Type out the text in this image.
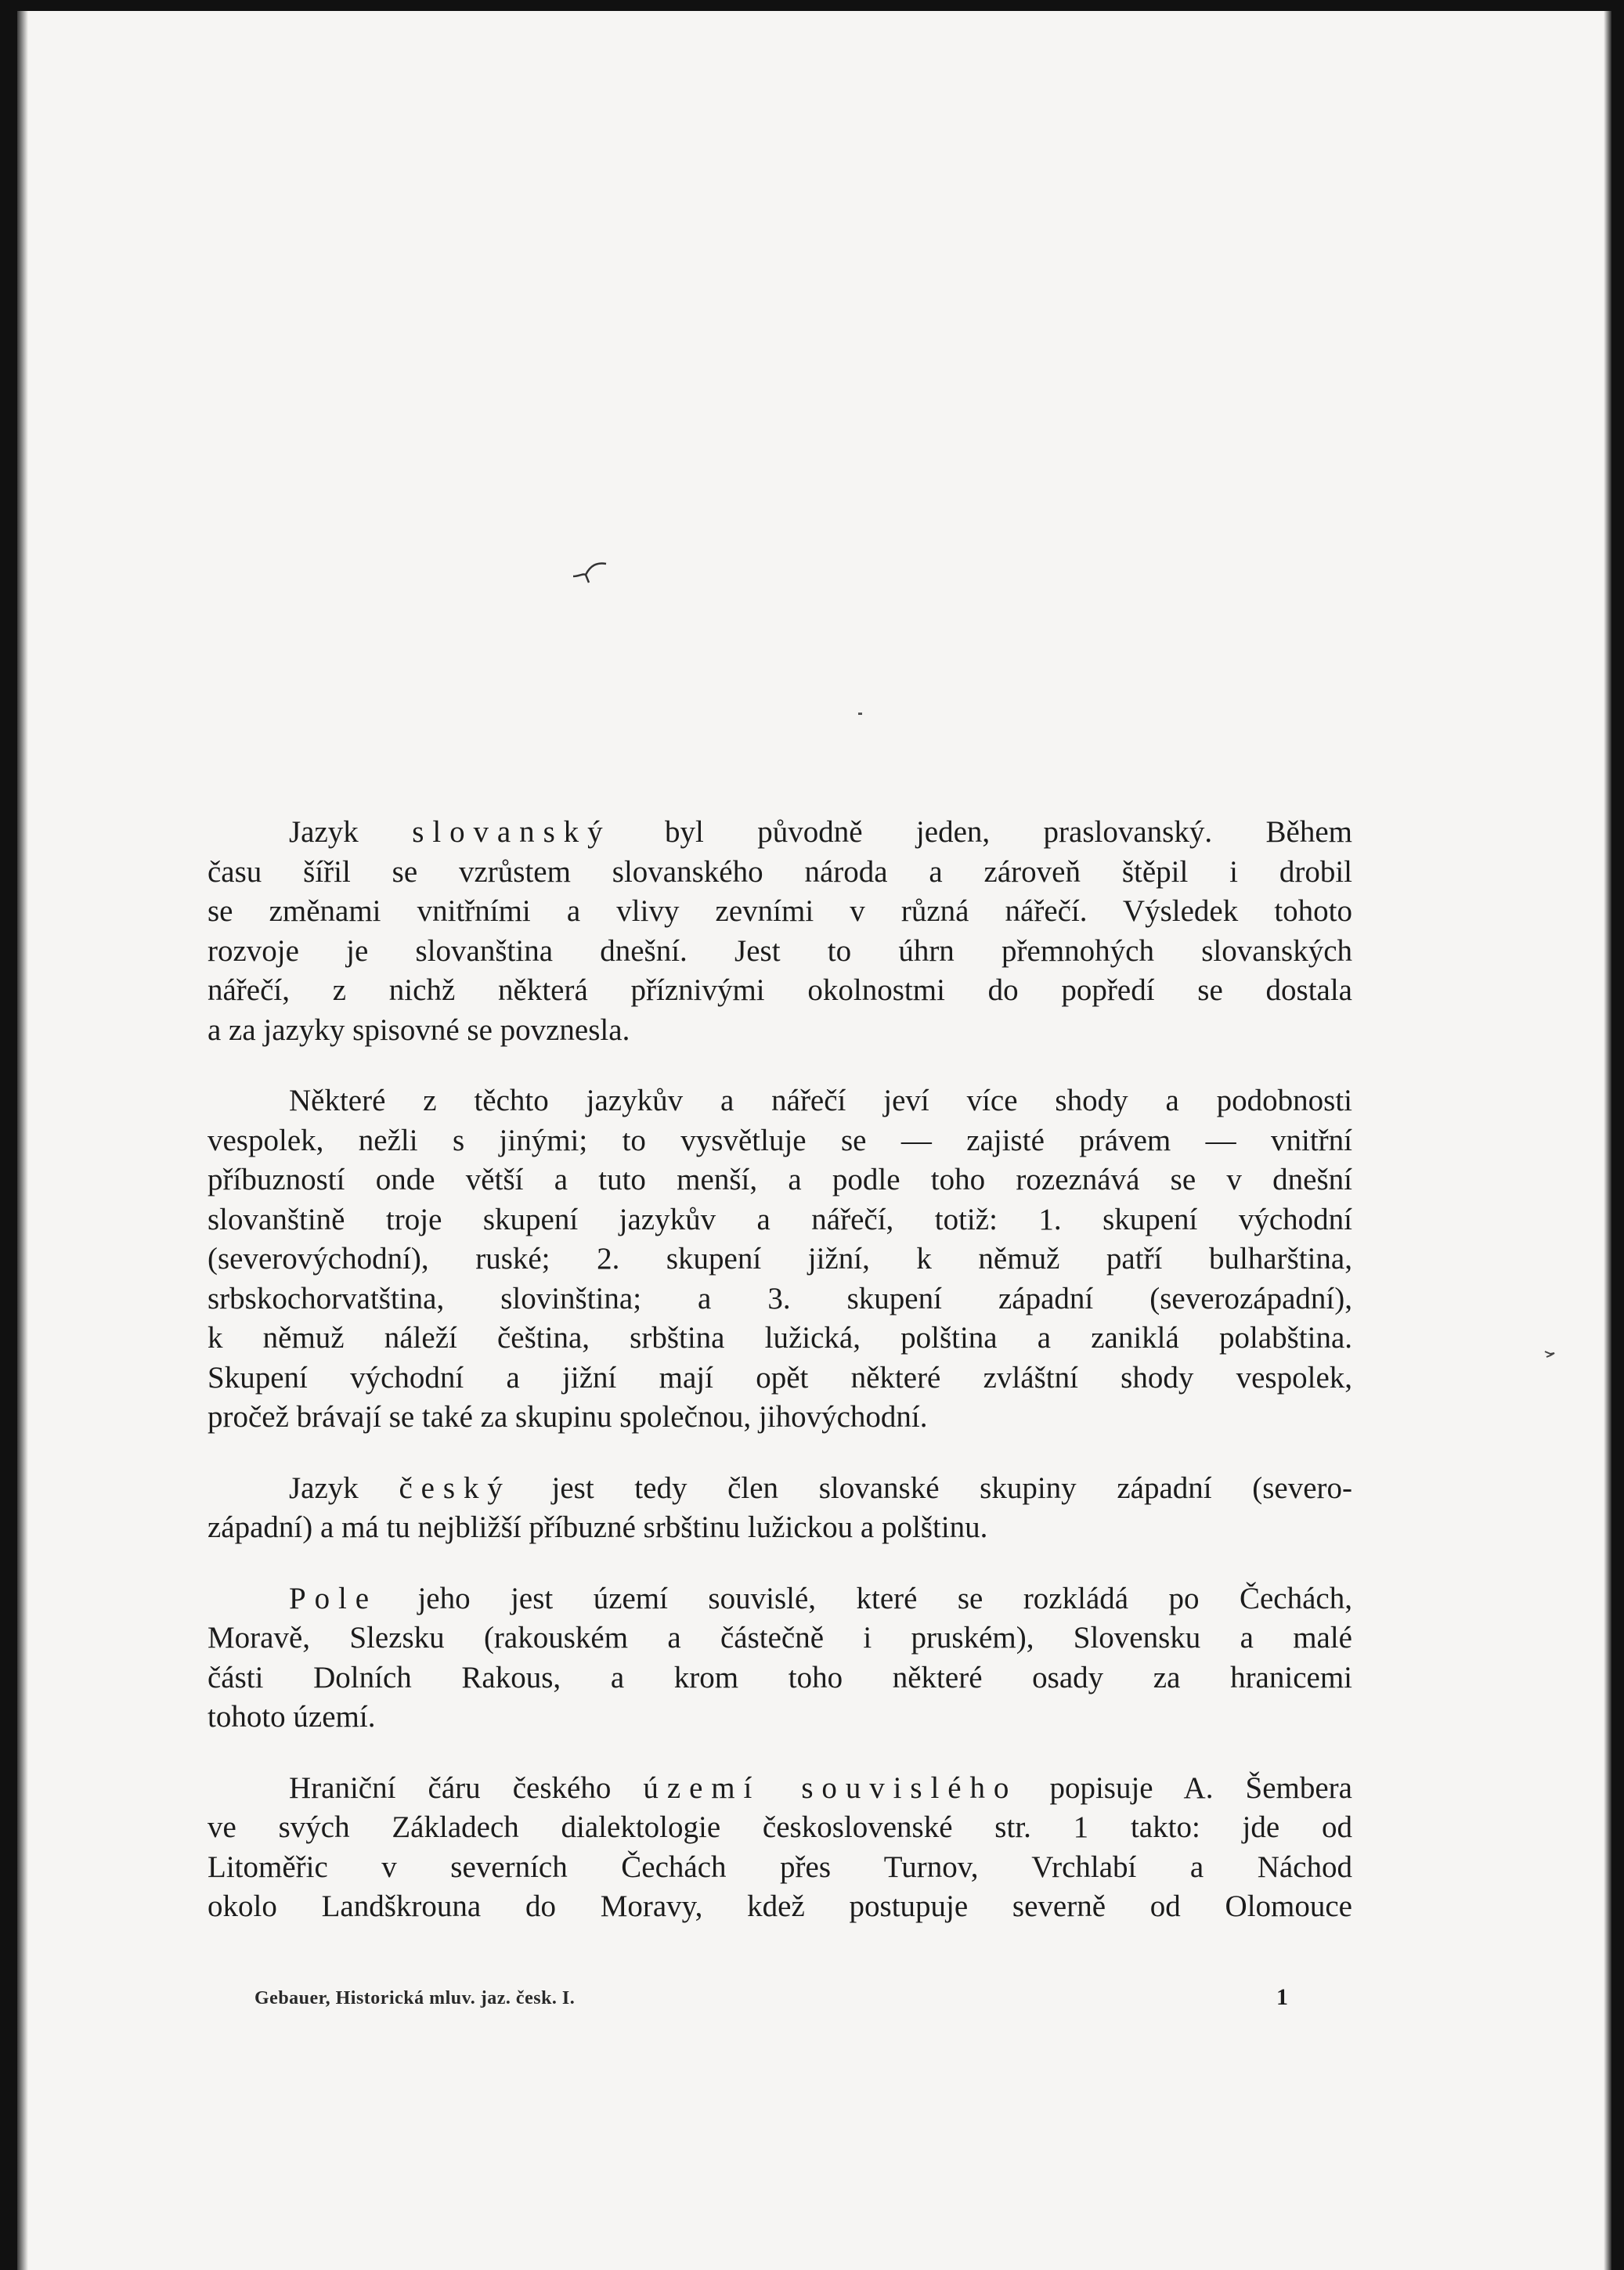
Jazyk slovanský byl původně jeden, praslovanský. Během
času šířil se vzrůstem slovanského národa a zároveň štěpil i drobil
se změnami vnitřními a vlivy zevními v různá nářečí. Výsledek tohoto
rozvoje je slovanština dnešní. Jest to úhrn přemnohých slovanských
nářečí, z nichž některá příznivými okolnostmi do popředí se dostala
a za jazyky spisovné se povznesla.
Některé z těchto jazykův a nářečí jeví více shody a podobnosti
vespolek, nežli s jinými; to vysvětluje se — zajisté právem — vnitřní
příbuzností onde větší a tuto menší, a podle toho rozeznává se v dnešní
slovanštině troje skupení jazykův a nářečí, totiž: 1. skupení východní
(severovýchodní), ruské; 2. skupení jižní, k němuž patří bulharština,
srbskochorvatština, slovinština; a 3. skupení západní (severozápadní),
k němuž náleží čeština, srbština lužická, polština a zaniklá polabština.
Skupení východní a jižní mají opět některé zvláštní shody vespolek,
pročež brávají se také za skupinu společnou, jihovýchodní.
Jazyk český jest tedy člen slovanské skupiny západní (severo-
západní) a má tu nejbližší příbuzné srbštinu lužickou a polštinu.
Pole jeho jest území souvislé, které se rozkládá po Čechách,
Moravě, Slezsku (rakouském a částečně i pruském), Slovensku a malé
části Dolních Rakous, a krom toho některé osady za hranicemi
tohoto území.
Hraniční čáru českého území souvislého popisuje A. Šembera
ve svých Základech dialektologie československé str. 1 takto: jde od
Litoměřic v severních Čechách přes Turnov, Vrchlabí a Náchod
okolo Landškrouna do Moravy, kdež postupuje severně od Olomouce
Gebauer, Historická mluv. jaz. česk. I.	1
